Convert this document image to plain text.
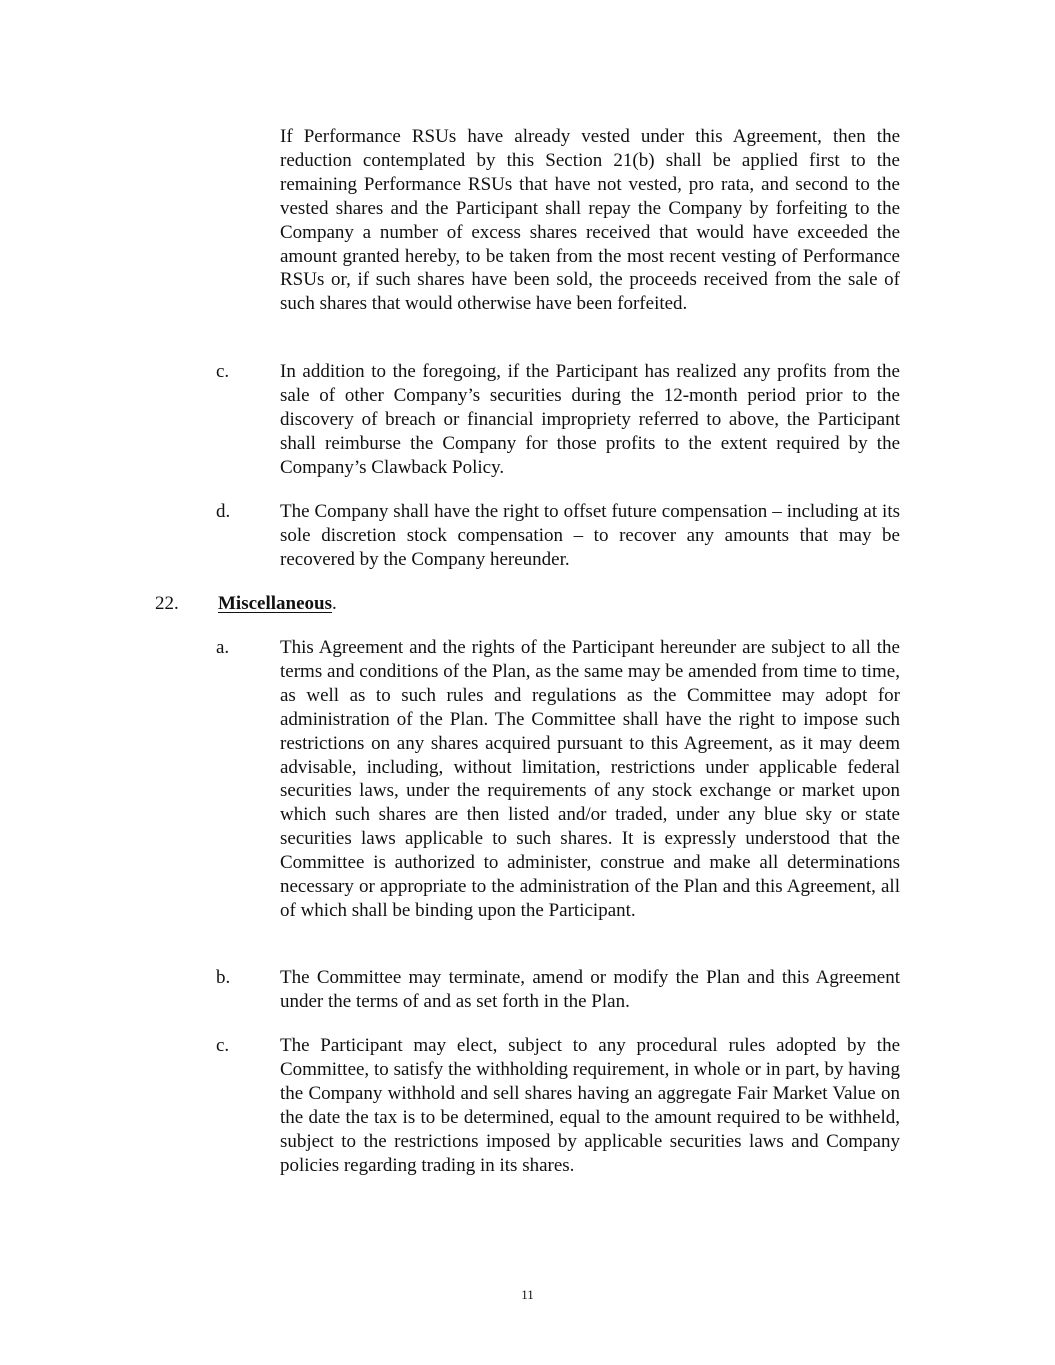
If Performance RSUs have already vested under this Agreement, then the reduction contemplated by this Section 21(b) shall be applied first to the remaining Performance RSUs that have not vested, pro rata, and second to the vested shares and the Participant shall repay the Company by forfeiting to the Company a number of excess shares received that would have exceeded the amount granted hereby, to be taken from the most recent vesting of Performance RSUs or, if such shares have been sold, the proceeds received from the sale of such shares that would otherwise have been forfeited.

c.	In addition to the foregoing, if the Participant has realized any profits from the sale of other Company’s securities during the 12-month period prior to the discovery of breach or financial impropriety referred to above, the Participant shall reimburse the Company for those profits to the extent required by the Company’s Clawback Policy.
d.	The Company shall have the right to offset future compensation – including at its sole discretion stock compensation – to recover any amounts that may be recovered by the Company hereunder.
22. Miscellaneous.
a.	This Agreement and the rights of the Participant hereunder are subject to all the terms and conditions of the Plan, as the same may be amended from time to time, as well as to such rules and regulations as the Committee may adopt for administration of the Plan. The Committee shall have the right to impose such restrictions on any shares acquired pursuant to this Agreement, as it may deem advisable, including, without limitation, restrictions under applicable federal securities laws, under the requirements of any stock exchange or market upon which such shares are then listed and/or traded, under any blue sky or state securities laws applicable to such shares. It is expressly understood that the Committee is authorized to administer, construe and make all determinations necessary or appropriate to the administration of the Plan and this Agreement, all of which shall be binding upon the Participant.
b.	The Committee may terminate, amend or modify the Plan and this Agreement under the terms of and as set forth in the Plan.
c.	The Participant may elect, subject to any procedural rules adopted by the Committee, to satisfy the withholding requirement, in whole or in part, by having the Company withhold and sell shares having an aggregate Fair Market Value on the date the tax is to be determined, equal to the amount required to be withheld, subject to the restrictions imposed by applicable securities laws and Company policies regarding trading in its shares.
11
